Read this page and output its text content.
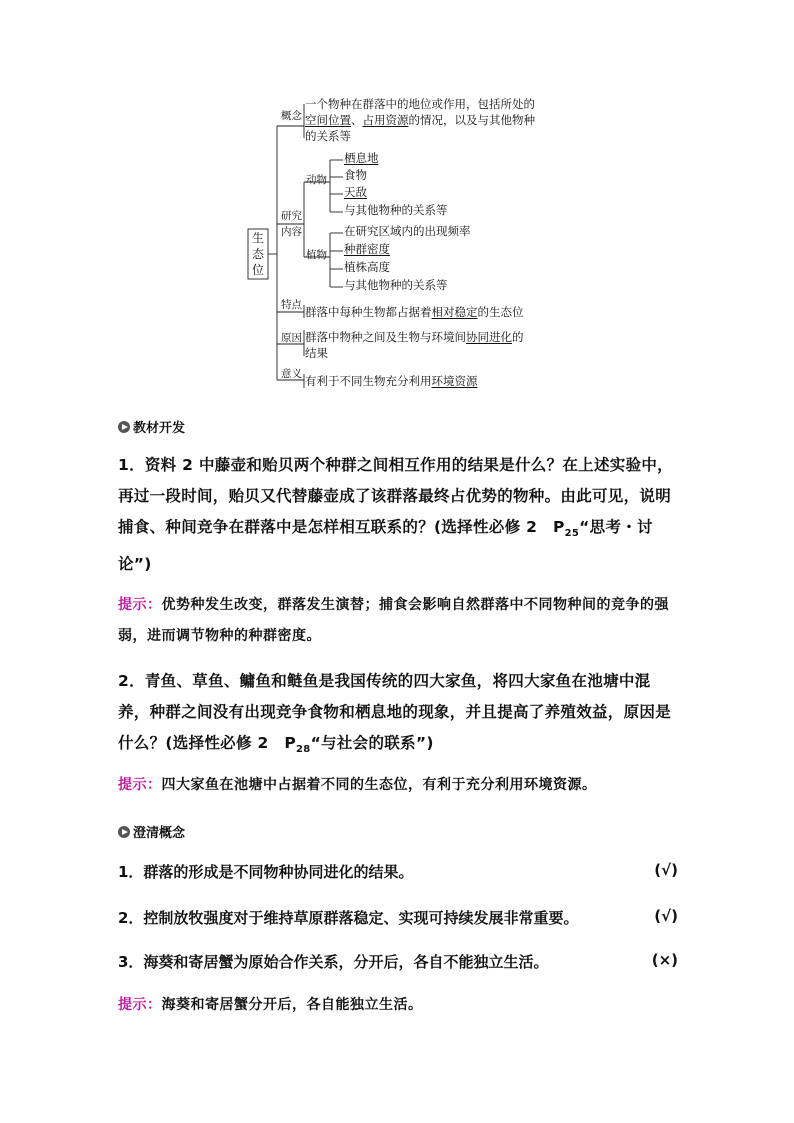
生态位
概念
一个物种在群落中的地位或作用，包括所处的
空间位置、占用资源的情况，以及与其他物种
的关系等
研究
内容
动物
栖息地
食物
天敌
与其他物种的关系等
植物
在研究区域内的出现频率
种群密度
植株高度
与其他物种的关系等
特点 群落中每种生物都占据着相对稳定的生态位
原因 群落中物种之间及生物与环境间协同进化的
结果
意义 有利于不同生物充分利用环境资源
教材开发
1．资料 2 中藤壶和贻贝两个种群之间相互作用的结果是什么？在上述实验中，再过一段时间，贻贝又代替藤壶成了该群落最终占优势的物种。由此可见，说明捕食、种间竞争在群落中是怎样相互联系的？(选择性必修 2　$P_{25}“$思考・讨论”)
提示：优势种发生改变，群落发生演替；捕食会影响自然群落中不同物种间的竞争的强弱，进而调节物种的种群密度。
2．青鱼、草鱼、鳙鱼和鲢鱼是我国传统的四大家鱼，将四大家鱼在池塘中混养，种群之间没有出现竞争食物和栖息地的现象，并且提高了养殖效益，原因是什么？(选择性必修 2　$P_{28}“$与社会的联系”)
提示：四大家鱼在池塘中占据着不同的生态位，有利于充分利用环境资源。
澄清概念
1．群落的形成是不同物种协同进化的结果。	(√)
2．控制放牧强度对于维持草原群落稳定、实现可持续发展非常重要。	(√)
3．海葵和寄居蟹为原始合作关系，分开后，各自不能独立生活。	(×)
提示：海葵和寄居蟹分开后，各自能独立生活。
